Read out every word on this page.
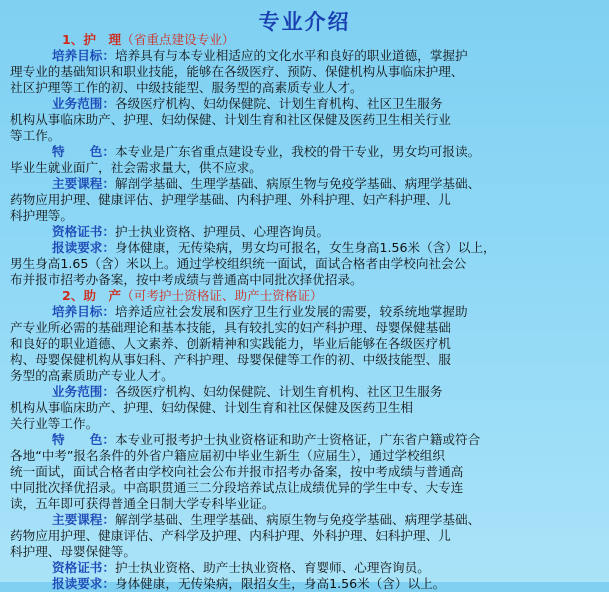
专业介绍
1、护　理（省重点建设专业）
培养目标：培养具有与本专业相适应的文化水平和良好的职业道德，掌握护
理专业的基础知识和职业技能，能够在各级医疗、预防、保健机构从事临床护理、
社区护理等工作的初、中级技能型、服务型的高素质专业人才。
业务范围：各级医疗机构、妇幼保健院、计划生育机构、社区卫生服务
机构从事临床助产、护理、妇幼保健、计划生育和社区保健及医药卫生相关行业
等工作。
特　　色：本专业是广东省重点建设专业，我校的骨干专业，男女均可报读。
毕业生就业面广，社会需求量大，供不应求。
主要课程：解剖学基础、生理学基础、病原生物与免疫学基础、病理学基础、
药物应用护理、健康评估、护理学基础、内科护理、外科护理、妇产科护理、儿
科护理等。
资格证书：护士执业资格、护理员、心理咨询员。
报读要求：身体健康，无传染病，男女均可报名，女生身高1.56米（含）以上，
男生身高1.65（含）米以上。通过学校组织统一面试，面试合格者由学校向社会公
布并报市招考办备案，按中考成绩与普通高中同批次择优招录。
2、助　产（可考护士资格证、助产士资格证）
培养目标：培养适应社会发展和医疗卫生行业发展的需要，较系统地掌握助
产专业所必需的基础理论和基本技能，具有较扎实的妇产科护理、母婴保健基础
和良好的职业道德、人文素养、创新精神和实践能力，毕业后能够在各级医疗机
构、母婴保健机构从事妇科、产科护理、母婴保健等工作的初、中级技能型、服
务型的高素质助产专业人才。
业务范围：各级医疗机构、妇幼保健院、计划生育机构、社区卫生服务
机构从事临床助产、护理、妇幼保健、计划生育和社区保健及医药卫生相
关行业等工作。
特　　色：本专业可报考护士执业资格证和助产士资格证，广东省户籍或符合
各地“中考”报名条件的外省户籍应届初中毕业生新生（应届生），通过学校组织
统一面试，面试合格者由学校向社会公布并报市招考办备案，按中考成绩与普通高
中同批次择优招录。中高职贯通三二分段培养试点让成绩优异的学生中专、大专连
读，五年即可获得普通全日制大学专科毕业证。
主要课程：解剖学基础、生理学基础、病原生物与免疫学基础、病理学基础、
药物应用护理、健康评估、产科学及护理、内科护理、外科护理、妇科护理、儿
科护理、母婴保健等。
资格证书：护士执业资格、助产士执业资格、育婴师、心理咨询员。
报读要求：身体健康，无传染病，限招女生，身高1.56米（含）以上。
